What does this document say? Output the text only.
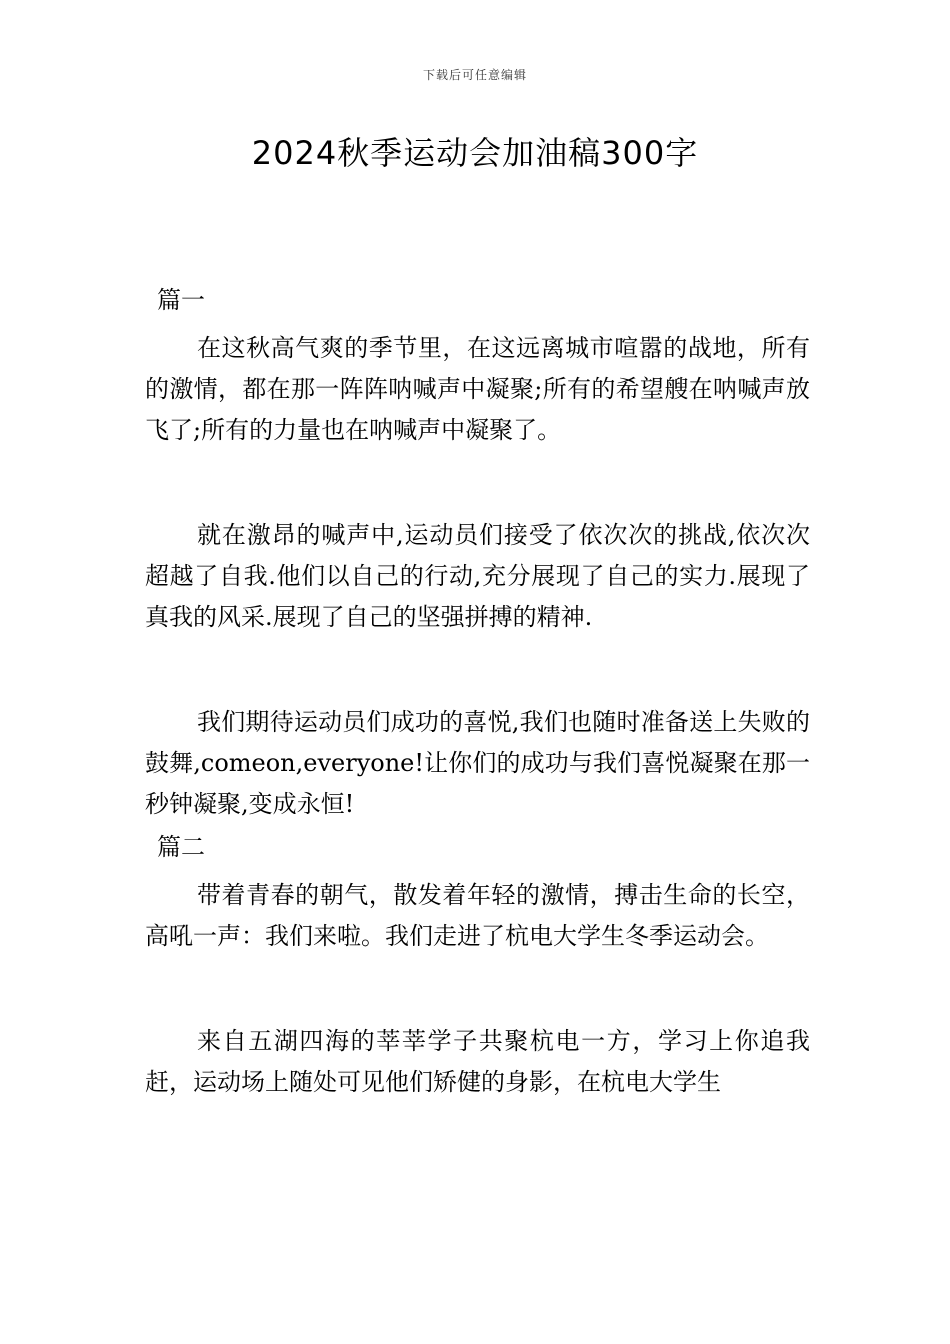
下载后可任意编辑
2024秋季运动会加油稿300字

篇一

在这秋高气爽的季节里，在这远离城市喧嚣的战地，所有的激情，都在那一阵阵呐喊声中凝聚;所有的希望艘在呐喊声放飞了;所有的力量也在呐喊声中凝聚了。

就在激昂的喊声中,运动员们接受了依次次的挑战,依次次超越了自我.他们以自己的行动,充分展现了自己的实力.展现了真我的风采.展现了自己的坚强拼搏的精神.

我们期待运动员们成功的喜悦,我们也随时准备送上失败的鼓舞,comeon,everyone!让你们的成功与我们喜悦凝聚在那一秒钟凝聚,变成永恒!

篇二

带着青春的朝气，散发着年轻的激情，搏击生命的长空，高吼一声：我们来啦。我们走进了杭电大学生冬季运动会。

来自五湖四海的莘莘学子共聚杭电一方，学习上你追我赶，运动场上随处可见他们矫健的身影，在杭电大学生
